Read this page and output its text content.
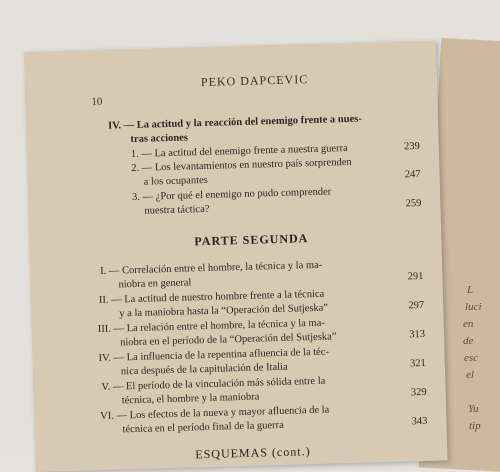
L
luci
en
de
esc
el
Yu
tip
PEKO DAPCEVIC
10
IV. — La actitud y la reacción del enemigo frente a nues-
tras acciones
1. — La actitud del enemigo frente a nuestra guerra	239
2. — Los levantamientos en nuestro país sorprenden
a los ocupantes
247
3. — ¿Por qué el enemigo no pudo comprender
nuestra táctica?
259
PARTE SEGUNDA
I. — Correlación entre el hombre, la técnica y la ma-
niobra en general
291
II. — La actitud de nuestro hombre frente a la técnica
y a la maniobra hasta la “Operación del Sutjeska”	297
III. — La relación entre el hombre, la técnica y la ma-
niobra en el período de la “Operación del Sutjeska”	313
IV. — La influencia de la repentina afluencia de la téc-
nica después de la capitulación de Italia	321
V. — El período de la vinculación más sólida entre la
técnica, el hombre y la maniobra	329
VI. — Los efectos de la nueva y mayor afluencia de la
técnica en el período final de la guerra	343
ESQUEMAS (cont.)
